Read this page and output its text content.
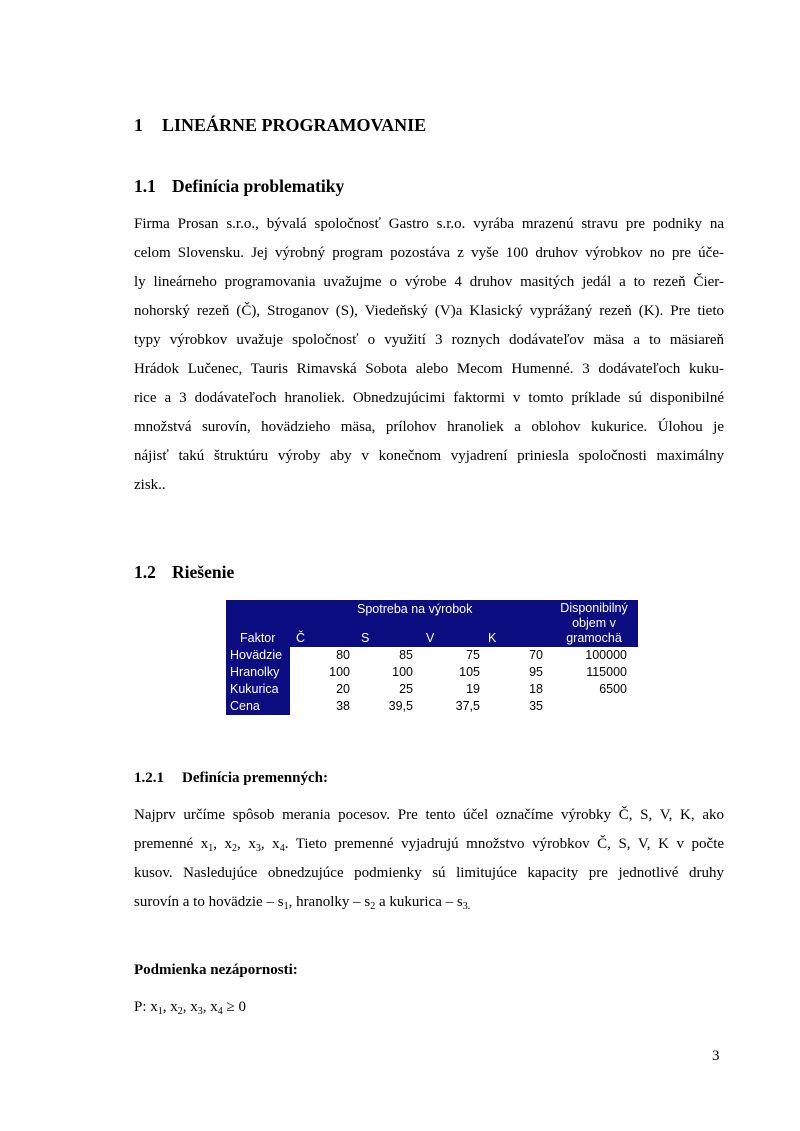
1 LINEÁRNE PROGRAMOVANIE
1.1 Definícia problematiky
Firma Prosan s.r.o., bývalá spoločnosť Gastro s.r.o. vyrába mrazenú stravu pre podniky na
celom Slovensku. Jej výrobný program pozostáva z vyše 100 druhov výrobkov no pre úče-
ly lineárneho programovania uvažujme o výrobe 4 druhov masitých jedál a to rezeň Čier-
nohorský rezeň (Č), Stroganov (S), Viedeňský (V)a Klasický vyprážaný rezeň (K). Pre tieto
typy výrobkov uvažuje spoločnosť o využití 3 roznych dodávateľov mäsa a to mäsiareň
Hrádok Lučenec, Tauris Rimavská Sobota alebo Mecom Humenné. 3 dodávateľoch kuku-
rice a 3 dodávateľoch hranoliek. Obnedzujúcimi faktormi v tomto príklade sú disponibilné
množstvá surovín, hovädzieho mäsa, prílohov hranoliek a oblohov kukurice. Úlohou je
nájisť takú štruktúru výroby aby v konečnom vyjadrení priniesla spoločnosti maximálny
zisk..
1.2 Riešenie
Spotreba na výrobok	Disponibilný
objem v
gramochä
Faktor Č	S	V	K
Hovädzie	80	85	75	70	100000
Hranolky	100	100	105	95	115000
Kukurica	20	25	19	18	6500
Cena	38	39,5	37,5	35
1.2.1 Definícia premenných:
Najprv určíme spôsob merania pocesov. Pre tento účel označíme výrobky Č, S, V, K, ako
premenné $x_1$, $x_2$, $x_3$, $x_4$. Tieto premenné vyjadrujú množstvo výrobkov Č, S, V, K v počte
kusov. Nasledujúce obnedzujúce podmienky sú limitujúce kapacity pre jednotlivé druhy
surovín a to hovädzie – $s_1$, hranolky – $s_2$ a kukurica – $s_{3.}$
Podmienka nezápornosti:
P: $x_1$, $x_2$, $x_3$, $x_4 \ge 0$
3
